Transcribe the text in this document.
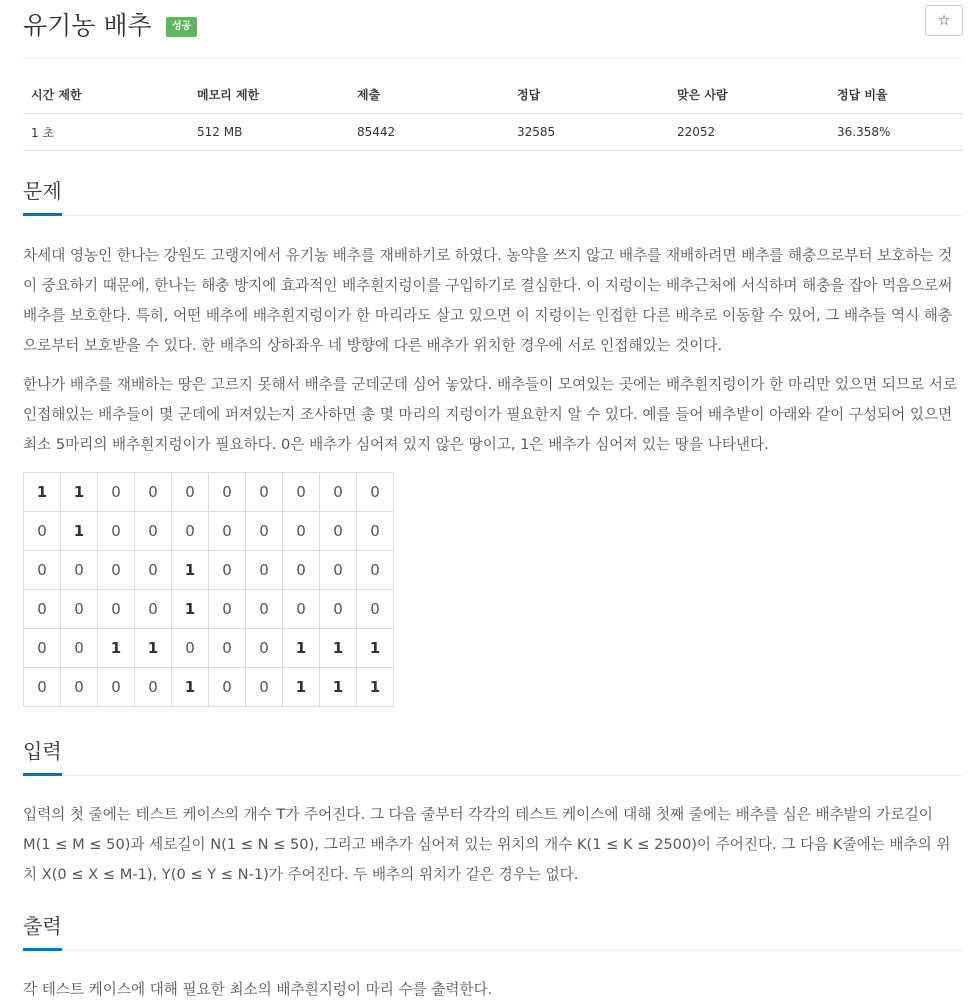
유기농 배추	성공	☆
시간 제한	메모리 제한	제출	정답	맞은 사람	정답 비율
1 초	512 MB	85442	32585	22052	36.358%
문제

차세대 영농인 한나는 강원도 고랭지에서 유기농 배추를 재배하기로 하였다. 농약을 쓰지 않고 배추를 재배하려면 배추를 해충으로부터 보호하는 것이 중요하기 때문에, 한나는 해충 방지에 효과적인 배추흰지렁이를 구입하기로 결심한다. 이 지렁이는 배추근처에 서식하며 해충을 잡아 먹음으로써 배추를 보호한다. 특히, 어떤 배추에 배추흰지렁이가 한 마리라도 살고 있으면 이 지렁이는 인접한 다른 배추로 이동할 수 있어, 그 배추들 역시 해충으로부터 보호받을 수 있다. 한 배추의 상하좌우 네 방향에 다른 배추가 위치한 경우에 서로 인접해있는 것이다.

한나가 배추를 재배하는 땅은 고르지 못해서 배추를 군데군데 심어 놓았다. 배추들이 모여있는 곳에는 배추흰지렁이가 한 마리만 있으면 되므로 서로 인접해있는 배추들이 몇 군데에 퍼져있는지 조사하면 총 몇 마리의 지렁이가 필요한지 알 수 있다. 예를 들어 배추밭이 아래와 같이 구성되어 있으면 최소 5마리의 배추흰지렁이가 필요하다. 0은 배추가 심어져 있지 않은 땅이고, 1은 배추가 심어져 있는 땅을 나타낸다.

1	1	0	0	0	0	0	0	0	0
0	1	0	0	0	0	0	0	0	0
0	0	0	0	1	0	0	0	0	0
0	0	0	0	1	0	0	0	0	0
0	0	1	1	0	0	0	1	1	1
0	0	0	0	1	0	0	1	1	1
입력

입력의 첫 줄에는 테스트 케이스의 개수 T가 주어진다. 그 다음 줄부터 각각의 테스트 케이스에 대해 첫째 줄에는 배추를 심은 배추밭의 가로길이 M(1 ≤ M ≤ 50)과 세로길이 N(1 ≤ N ≤ 50), 그리고 배추가 심어져 있는 위치의 개수 K(1 ≤ K ≤ 2500)이 주어진다. 그 다음 K줄에는 배추의 위치 X(0 ≤ X ≤ M-1), Y(0 ≤ Y ≤ N-1)가 주어진다. 두 배추의 위치가 같은 경우는 없다.

출력

각 테스트 케이스에 대해 필요한 최소의 배추흰지렁이 마리 수를 출력한다.
